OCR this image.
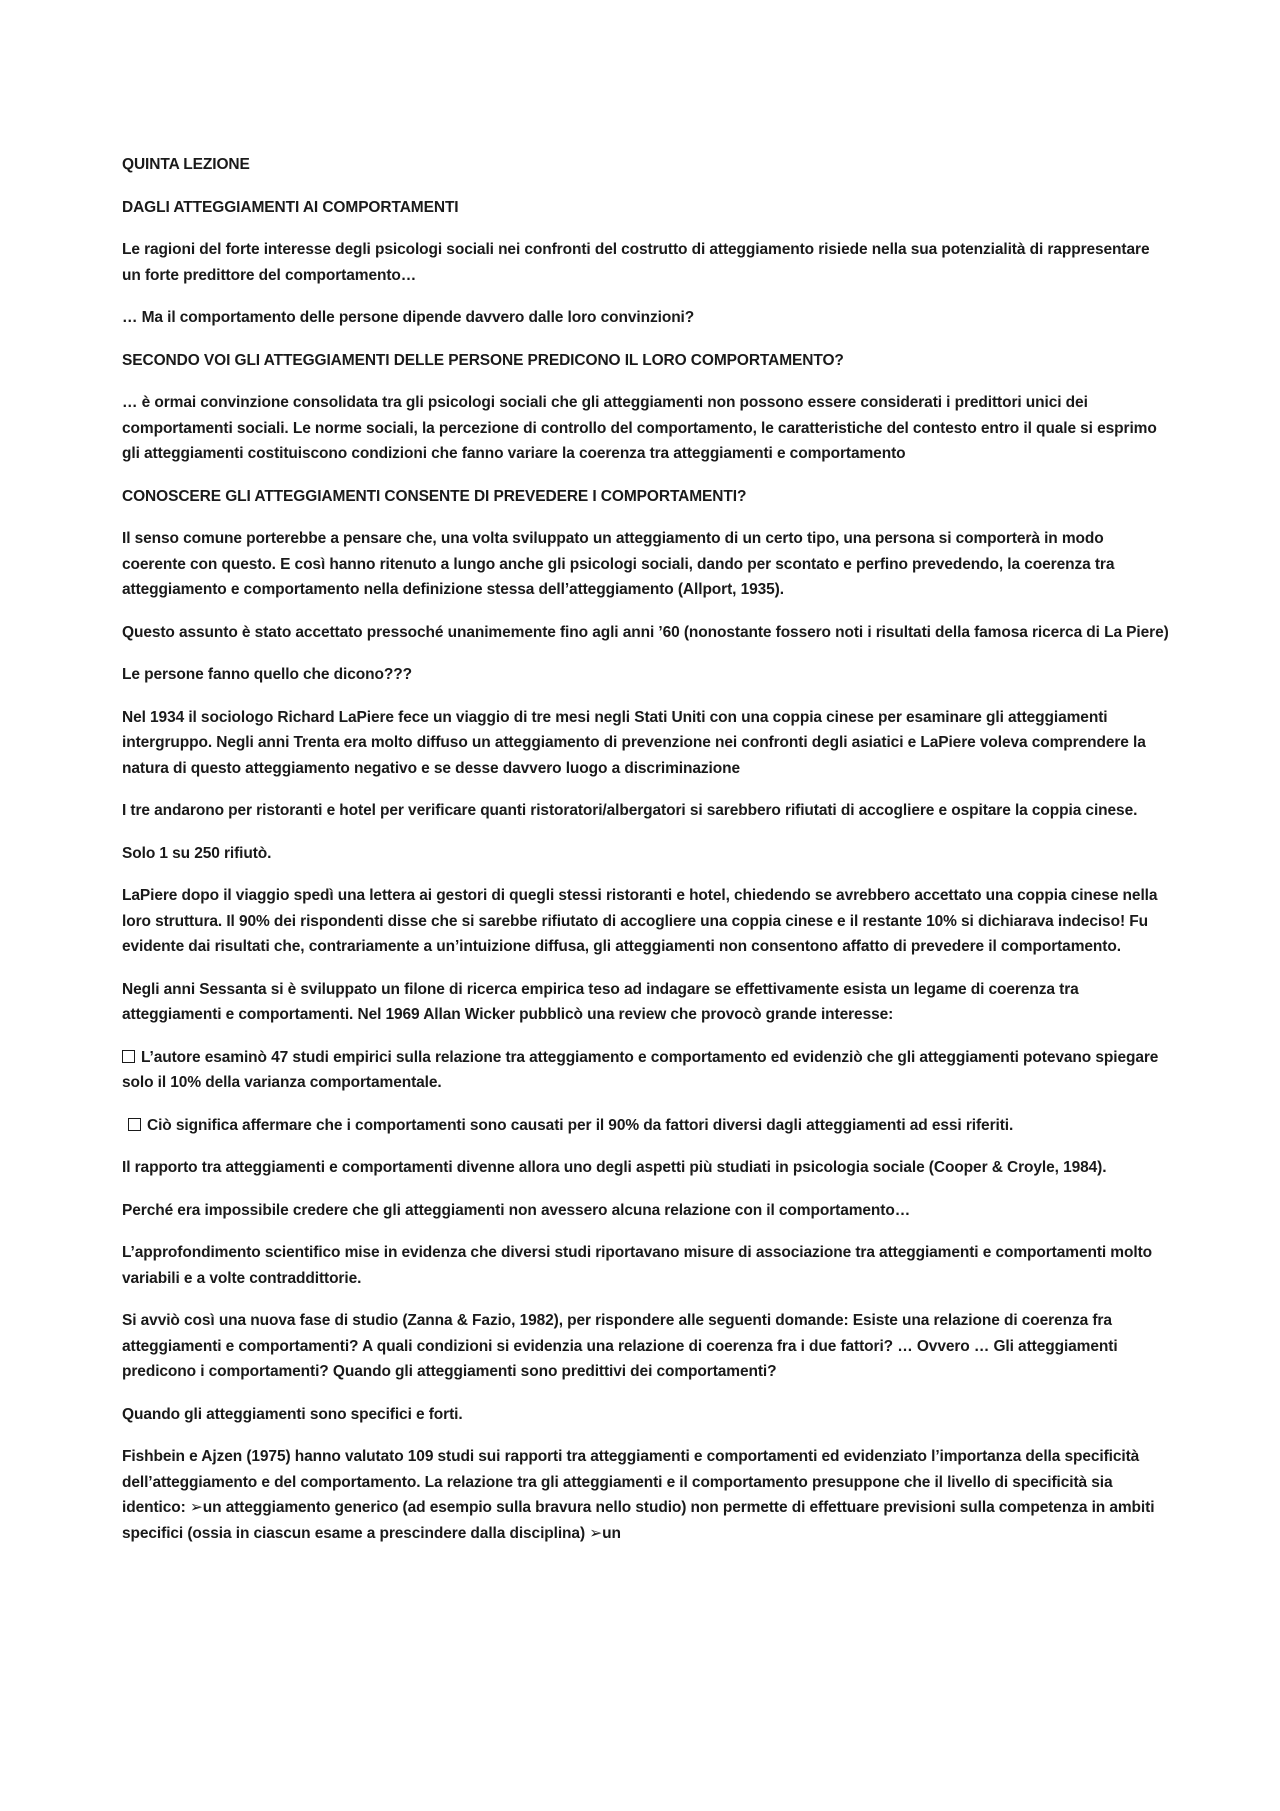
QUINTA LEZIONE

DAGLI ATTEGGIAMENTI AI COMPORTAMENTI

Le ragioni del forte interesse degli psicologi sociali nei confronti del costrutto di atteggiamento risiede nella sua potenzialità di rappresentare un forte predittore del comportamento…

… Ma il comportamento delle persone dipende davvero dalle loro convinzioni?

SECONDO VOI GLI ATTEGGIAMENTI DELLE PERSONE PREDICONO IL LORO COMPORTAMENTO?

… è ormai convinzione consolidata tra gli psicologi sociali che gli atteggiamenti non possono essere considerati i predittori unici dei comportamenti sociali. Le norme sociali, la percezione di controllo del comportamento, le caratteristiche del contesto entro il quale si esprimo gli atteggiamenti costituiscono condizioni che fanno variare la coerenza tra atteggiamenti e comportamento

CONOSCERE GLI ATTEGGIAMENTI CONSENTE DI PREVEDERE I COMPORTAMENTI?

Il senso comune porterebbe a pensare che, una volta sviluppato un atteggiamento di un certo tipo, una persona si comporterà in modo coerente con questo. E così hanno ritenuto a lungo anche gli psicologi sociali, dando per scontato e perfino prevedendo, la coerenza tra atteggiamento e comportamento nella definizione stessa dell’atteggiamento (Allport, 1935).

Questo assunto è stato accettato pressoché unanimemente fino agli anni ’60 (nonostante fossero noti i risultati della famosa ricerca di La Piere)

Le persone fanno quello che dicono???

Nel 1934 il sociologo Richard LaPiere fece un viaggio di tre mesi negli Stati Uniti con una coppia cinese per esaminare gli atteggiamenti intergruppo. Negli anni Trenta era molto diffuso un atteggiamento di prevenzione nei confronti degli asiatici e LaPiere voleva comprendere la natura di questo atteggiamento negativo e se desse davvero luogo a discriminazione

I tre andarono per ristoranti e hotel per verificare quanti ristoratori/albergatori si sarebbero rifiutati di accogliere e ospitare la coppia cinese.

Solo 1 su 250 rifiutò.

LaPiere dopo il viaggio spedì una lettera ai gestori di quegli stessi ristoranti e hotel, chiedendo se avrebbero accettato una coppia cinese nella loro struttura. Il 90% dei rispondenti disse che si sarebbe rifiutato di accogliere una coppia cinese e il restante 10% si dichiarava indeciso! Fu evidente dai risultati che, contrariamente a un’intuizione diffusa, gli atteggiamenti non consentono affatto di prevedere il comportamento.

Negli anni Sessanta si è sviluppato un filone di ricerca empirica teso ad indagare se effettivamente esista un legame di coerenza tra atteggiamenti e comportamenti. Nel 1969 Allan Wicker pubblicò una review che provocò grande interesse:

L’autore esaminò 47 studi empirici sulla relazione tra atteggiamento e comportamento ed evidenziò che gli atteggiamenti potevano spiegare solo il 10% della varianza comportamentale.

Ciò significa affermare che i comportamenti sono causati per il 90% da fattori diversi dagli atteggiamenti ad essi riferiti.

Il rapporto tra atteggiamenti e comportamenti divenne allora uno degli aspetti più studiati in psicologia sociale (Cooper & Croyle, 1984).

Perché era impossibile credere che gli atteggiamenti non avessero alcuna relazione con il comportamento…

L’approfondimento scientifico mise in evidenza che diversi studi riportavano misure di associazione tra atteggiamenti e comportamenti molto variabili e a volte contraddittorie.

Si avviò così una nuova fase di studio (Zanna & Fazio, 1982), per rispondere alle seguenti domande: Esiste una relazione di coerenza fra atteggiamenti e comportamenti? A quali condizioni si evidenzia una relazione di coerenza fra i due fattori? … Ovvero … Gli atteggiamenti predicono i comportamenti? Quando gli atteggiamenti sono predittivi dei comportamenti?

Quando gli atteggiamenti sono specifici e forti.

Fishbein e Ajzen (1975) hanno valutato 109 studi sui rapporti tra atteggiamenti e comportamenti ed evidenziato l’importanza della specificità dell’atteggiamento e del comportamento. La relazione tra gli atteggiamenti e il comportamento presuppone che il livello di specificità sia identico: ➢un atteggiamento generico (ad esempio sulla bravura nello studio) non permette di effettuare previsioni sulla competenza in ambiti specifici (ossia in ciascun esame a prescindere dalla disciplina) ➢un
